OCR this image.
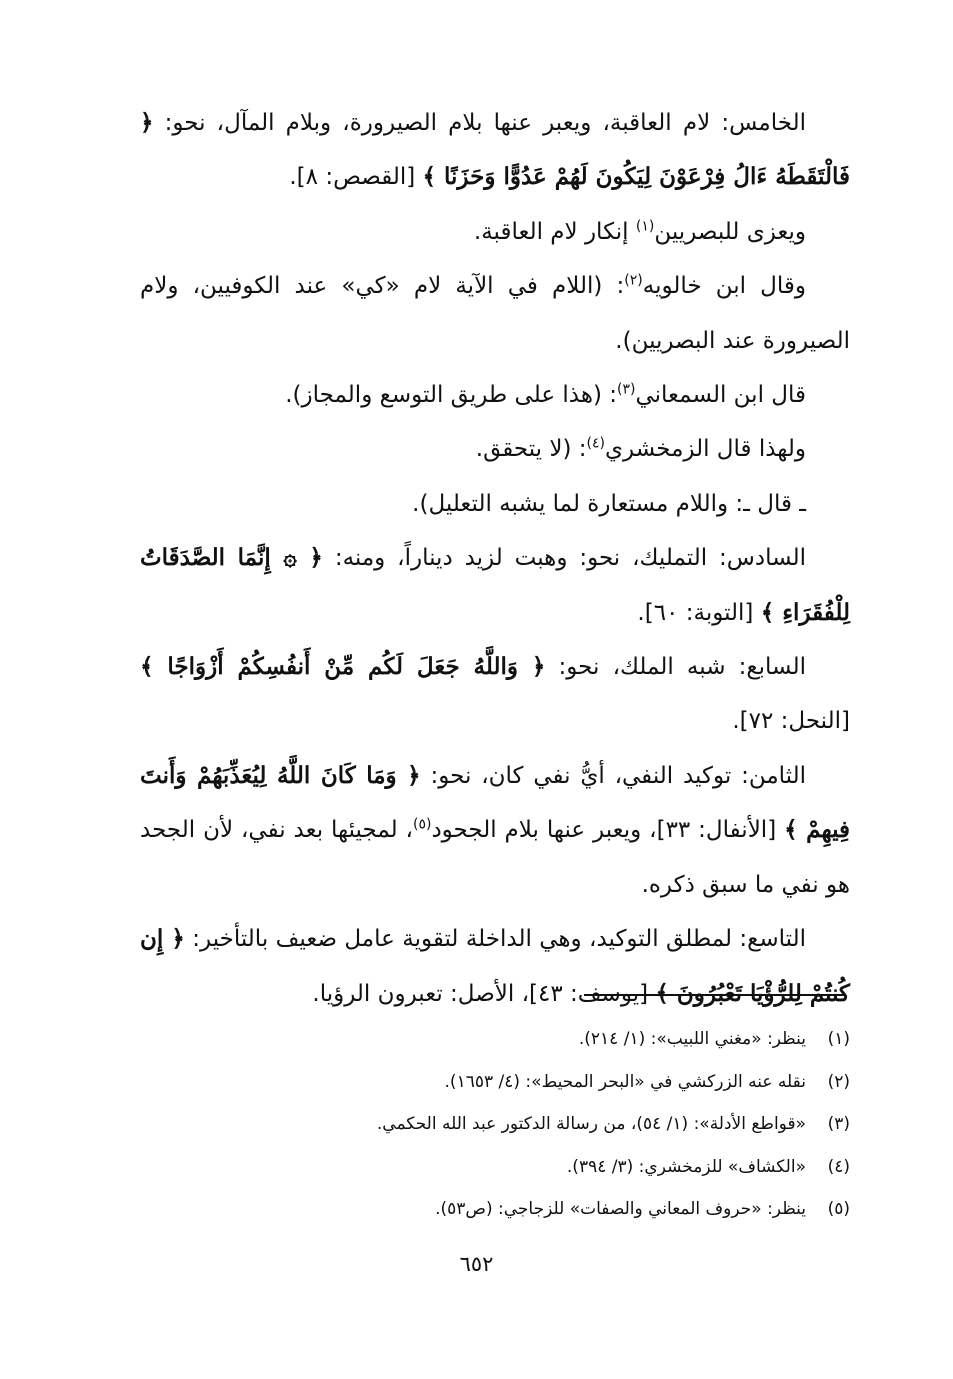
الخامس: لام العاقبة، ويعبر عنها بلام الصيرورة، وبلام المآل، نحو: ﴿ فَالْتَقَطَهُ ءَالُ فِرْعَوْنَ لِيَكُونَ لَهُمْ عَدُوًّا وَحَزَنًا ﴾ [القصص: ٨].

ويعزى للبصريين$^{(١)}$ إنكار لام العاقبة.

وقال ابن خالويه$^{(٢)}$: (اللام في الآية لام «كي» عند الكوفيين، ولام الصيرورة عند البصريين).

قال ابن السمعاني$^{(٣)}$: (هذا على طريق التوسع والمجاز).

ولهذا قال الزمخشري$^{(٤)}$: (لا يتحقق.

ـ قال ـ: واللام مستعارة لما يشبه التعليل).

السادس: التمليك، نحو: وهبت لزيد ديناراً، ومنه: ﴿ ۞ إِنَّمَا الصَّدَقَاتُ لِلْفُقَرَاءِ ﴾ [التوبة: ٦٠].

السابع: شبه الملك، نحو: ﴿ وَاللَّهُ جَعَلَ لَكُم مِّنْ أَنفُسِكُمْ أَزْوَاجًا ﴾ [النحل: ٧٢].

الثامن: توكيد النفي، أيُّ نفي كان، نحو: ﴿ وَمَا كَانَ اللَّهُ لِيُعَذِّبَهُمْ وَأَنتَ فِيهِمْ ﴾ [الأنفال: ٣٣]، ويعبر عنها بلام الجحود$^{(٥)}$، لمجيئها بعد نفي، لأن الجحد هو نفي ما سبق ذكره.

التاسع: لمطلق التوكيد، وهي الداخلة لتقوية عامل ضعيف بالتأخير: ﴿ إِن كُنتُمْ لِلرُّؤْيَا تَعْبُرُونَ ﴾ [يوسف: ٤٣]، الأصل: تعبرون الرؤيا.

(١)
ينظر: «مغني اللبيب»: (١/ ٢١٤).
(٢)
نقله عنه الزركشي في «البحر المحيط»: (٤/ ١٦٥٣).
(٣)
«قواطع الأدلة»: (١/ ٥٤)، من رسالة الدكتور عبد الله الحكمي.
(٤)
«الكشاف» للزمخشري: (٣/ ٣٩٤).
(٥)
ينظر: «حروف المعاني والصفات» للزجاجي: (ص٥٣).
٦٥٢
